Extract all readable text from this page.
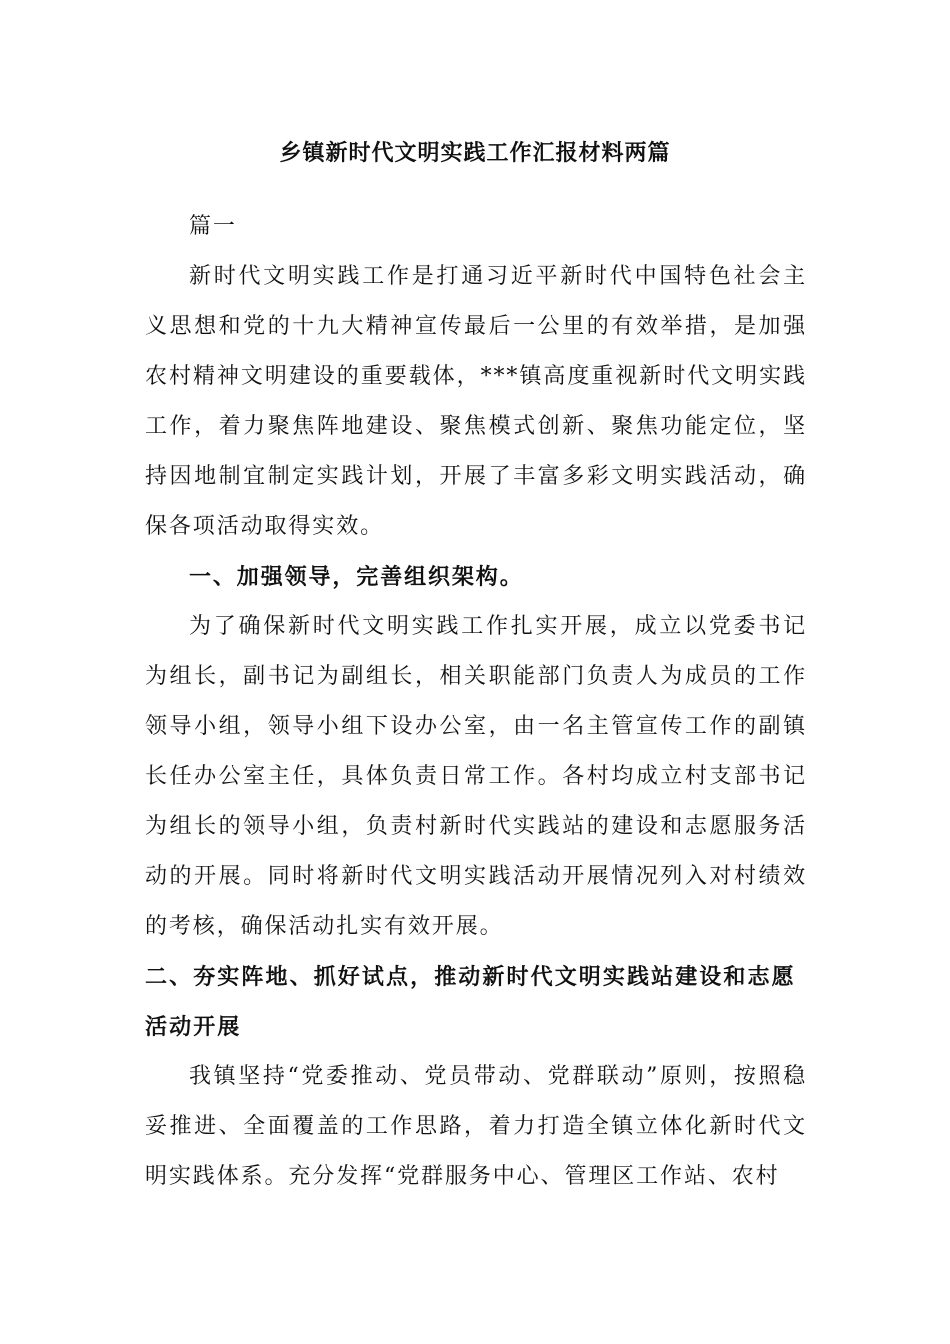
乡镇新时代文明实践工作汇报材料两篇

篇一

新时代文明实践工作是打通习近平新时代中国特色社会主义思想和党的十九大精神宣传最后一公里的有效举措，是加强农村精神文明建设的重要载体，***镇高度重视新时代文明实践工作，着力聚焦阵地建设、聚焦模式创新、聚焦功能定位，坚持因地制宜制定实践计划，开展了丰富多彩文明实践活动，确保各项活动取得实效。

一、加强领导，完善组织架构。

为了确保新时代文明实践工作扎实开展，成立以党委书记为组长，副书记为副组长，相关职能部门负责人为成员的工作领导小组，领导小组下设办公室，由一名主管宣传工作的副镇长任办公室主任，具体负责日常工作。各村均成立村支部书记为组长的领导小组，负责村新时代实践站的建设和志愿服务活动的开展。同时将新时代文明实践活动开展情况列入对村绩效的考核，确保活动扎实有效开展。

二、夯实阵地、抓好试点，推动新时代文明实践站建设和志愿活动开展

我镇坚持“党委推动、党员带动、党群联动”原则，按照稳妥推进、全面覆盖的工作思路，着力打造全镇立体化新时代文明实践体系。充分发挥“党群服务中心、管理区工作站、农村
